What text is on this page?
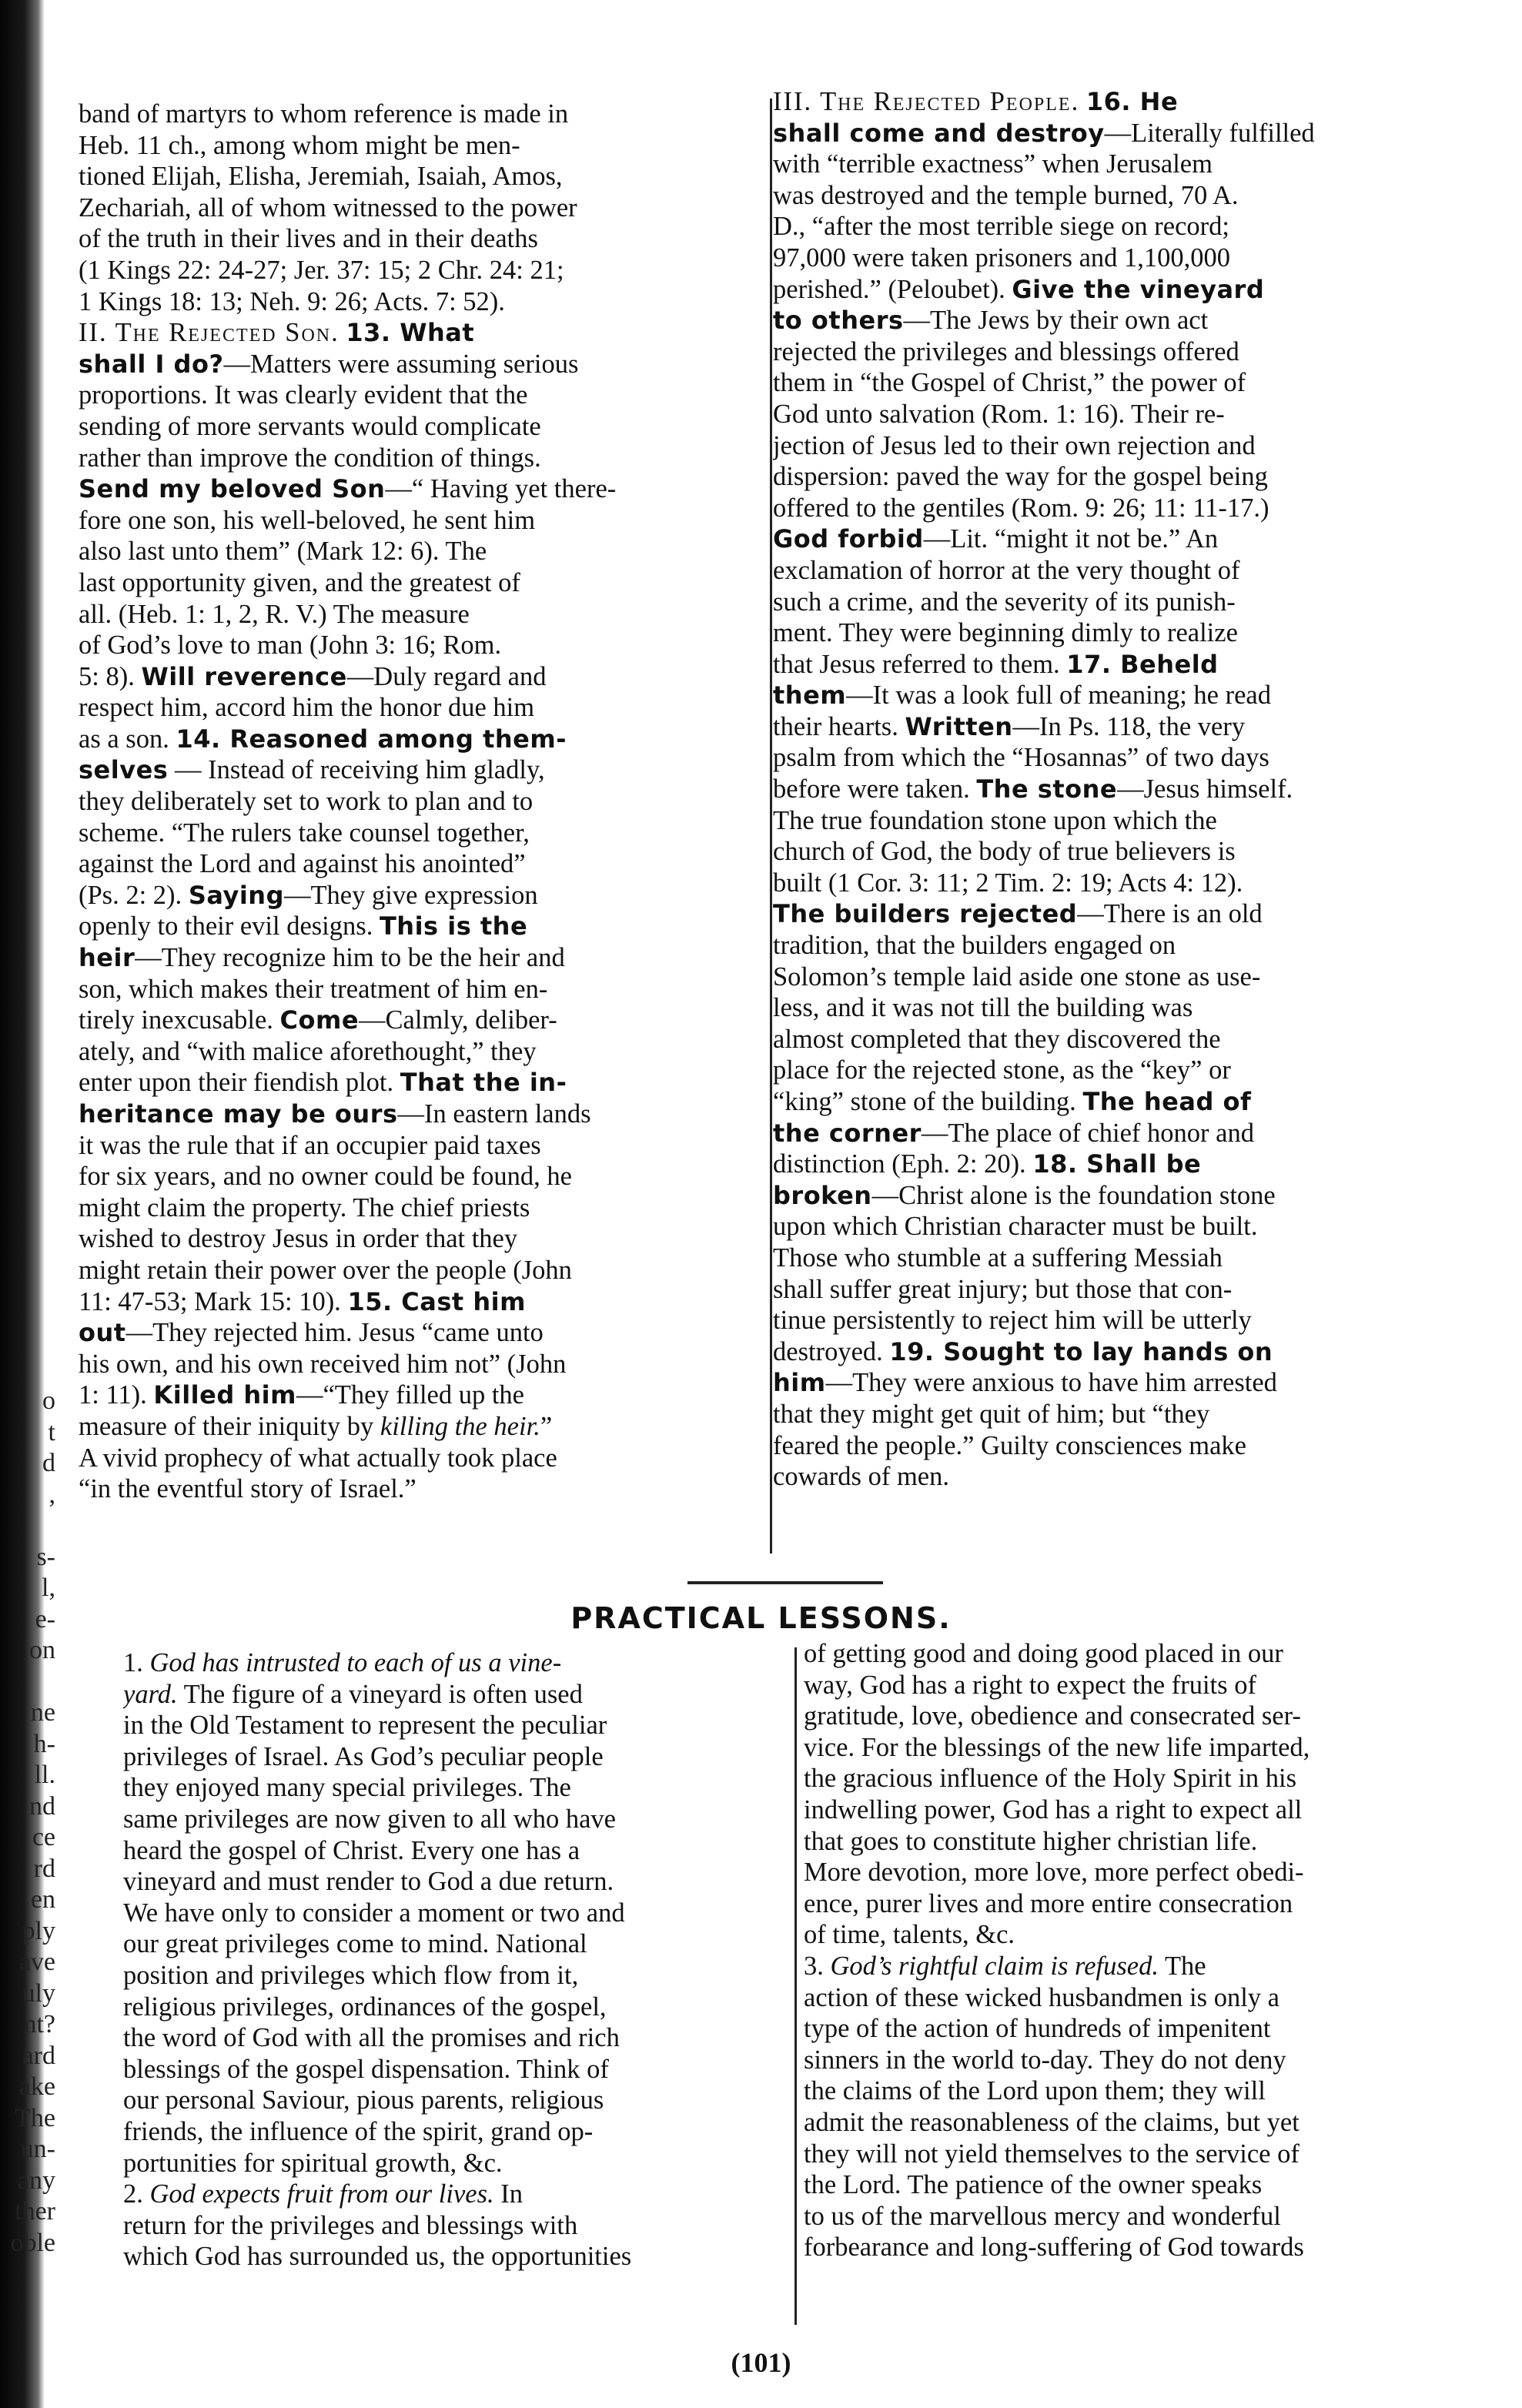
o
t
d
,
s-
l,
e-
on
ne
h-
ll.
nd
ce
rd
en
ply
ave
uly
nt?
ard
ake
The
un-
any
ther
oble
band of martyrs to whom reference is made in
Heb. 11 ch., among whom might be men-
tioned Elijah, Elisha, Jeremiah, Isaiah, Amos,
Zechariah, all of whom witnessed to the power
of the truth in their lives and in their deaths
(1 Kings 22: 24-27; Jer. 37: 15; 2 Chr. 24: 21;
1 Kings 18: 13; Neh. 9: 26; Acts. 7: 52).
II. The Rejected Son. 13. What
shall I do?—Matters were assuming serious
proportions. It was clearly evident that the
sending of more servants would complicate
rather than improve the condition of things.
Send my beloved Son—“ Having yet there-
fore one son, his well-beloved, he sent him
also last unto them” (Mark 12: 6). The
last opportunity given, and the greatest of
all. (Heb. 1: 1, 2, R. V.) The measure
of God’s love to man (John 3: 16; Rom.
5: 8). Will reverence—Duly regard and
respect him, accord him the honor due him
as a son. 14. Reasoned among them-
selves — Instead of receiving him gladly,
they deliberately set to work to plan and to
scheme. “The rulers take counsel together,
against the Lord and against his anointed”
(Ps. 2: 2). Saying—They give expression
openly to their evil designs. This is the
heir—They recognize him to be the heir and
son, which makes their treatment of him en-
tirely inexcusable. Come—Calmly, deliber-
ately, and “with malice aforethought,” they
enter upon their fiendish plot. That the in-
heritance may be ours—In eastern lands
it was the rule that if an occupier paid taxes
for six years, and no owner could be found, he
might claim the property. The chief priests
wished to destroy Jesus in order that they
might retain their power over the people (John
11: 47-53; Mark 15: 10). 15. Cast him
out—They rejected him. Jesus “came unto
his own, and his own received him not” (John
1: 11). Killed him—“They filled up the
measure of their iniquity by killing the heir.”
A vivid prophecy of what actually took place
“in the eventful story of Israel.”
III. The Rejected People. 16. He
shall come and destroy—Literally fulfilled
with “terrible exactness” when Jerusalem
was destroyed and the temple burned, 70 A.
D., “after the most terrible siege on record;
97,000 were taken prisoners and 1,100,000
perished.” (Peloubet). Give the vineyard
to others—The Jews by their own act
rejected the privileges and blessings offered
them in “the Gospel of Christ,” the power of
God unto salvation (Rom. 1: 16). Their re-
jection of Jesus led to their own rejection and
dispersion: paved the way for the gospel being
offered to the gentiles (Rom. 9: 26; 11: 11-17.)
God forbid—Lit. “might it not be.” An
exclamation of horror at the very thought of
such a crime, and the severity of its punish-
ment. They were beginning dimly to realize
that Jesus referred to them. 17. Beheld
them—It was a look full of meaning; he read
their hearts. Written—In Ps. 118, the very
psalm from which the “Hosannas” of two days
before were taken. The stone—Jesus himself.
The true foundation stone upon which the
church of God, the body of true believers is
built (1 Cor. 3: 11; 2 Tim. 2: 19; Acts 4: 12).
The builders rejected—There is an old
tradition, that the builders engaged on
Solomon’s temple laid aside one stone as use-
less, and it was not till the building was
almost completed that they discovered the
place for the rejected stone, as the “key” or
“king” stone of the building. The head of
the corner—The place of chief honor and
distinction (Eph. 2: 20). 18. Shall be
broken—Christ alone is the foundation stone
upon which Christian character must be built.
Those who stumble at a suffering Messiah
shall suffer great injury; but those that con-
tinue persistently to reject him will be utterly
destroyed. 19. Sought to lay hands on
him—They were anxious to have him arrested
that they might get quit of him; but “they
feared the people.” Guilty consciences make
cowards of men.
PRACTICAL LESSONS.
1. God has intrusted to each of us a vine-
yard. The figure of a vineyard is often used
in the Old Testament to represent the peculiar
privileges of Israel. As God’s peculiar people
they enjoyed many special privileges. The
same privileges are now given to all who have
heard the gospel of Christ. Every one has a
vineyard and must render to God a due return.
We have only to consider a moment or two and
our great privileges come to mind. National
position and privileges which flow from it,
religious privileges, ordinances of the gospel,
the word of God with all the promises and rich
blessings of the gospel dispensation. Think of
our personal Saviour, pious parents, religious
friends, the influence of the spirit, grand op-
portunities for spiritual growth, &c.
2. God expects fruit from our lives. In
return for the privileges and blessings with
which God has surrounded us, the opportunities
of getting good and doing good placed in our
way, God has a right to expect the fruits of
gratitude, love, obedience and consecrated ser-
vice. For the blessings of the new life imparted,
the gracious influence of the Holy Spirit in his
indwelling power, God has a right to expect all
that goes to constitute higher christian life.
More devotion, more love, more perfect obedi-
ence, purer lives and more entire consecration
of time, talents, &c.
3. God’s rightful claim is refused. The
action of these wicked husbandmen is only a
type of the action of hundreds of impenitent
sinners in the world to-day. They do not deny
the claims of the Lord upon them; they will
admit the reasonableness of the claims, but yet
they will not yield themselves to the service of
the Lord. The patience of the owner speaks
to us of the marvellous mercy and wonderful
forbearance and long-suffering of God towards
(101)
